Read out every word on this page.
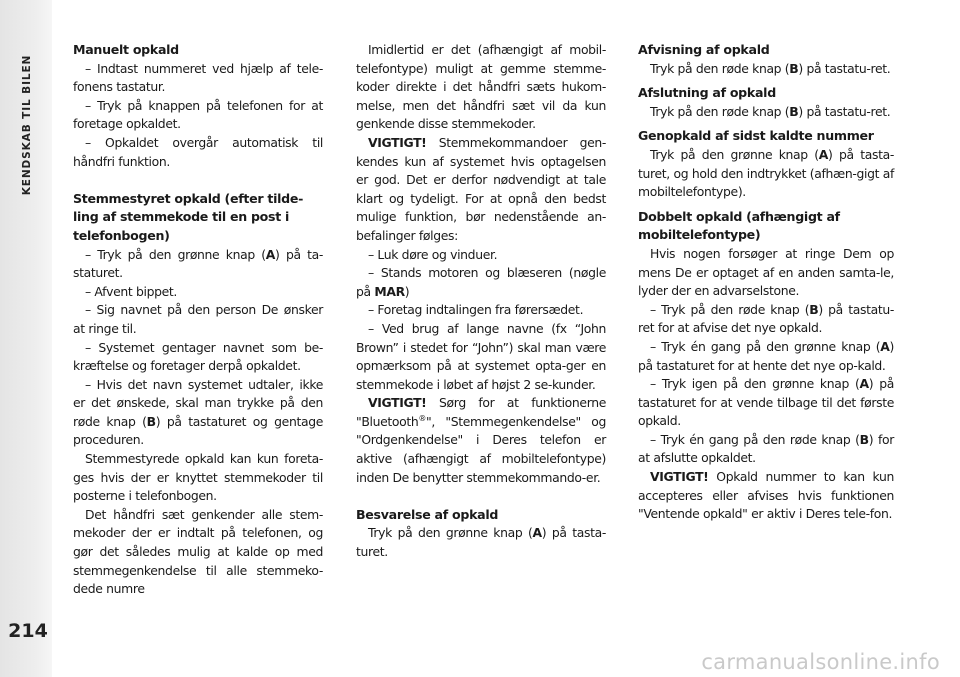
KENDSKAB TIL BILEN
214
Manuelt opkald

– Indtast nummeret ved hjælp af tele-fonens tastatur.

– Tryk på knappen på telefonen for at foretage opkaldet.

– Opkaldet overgår automatisk til håndfri funktion.

Stemmestyret opkald (efter tilde-ling af stemmekode til en post i telefonbogen)

– Tryk på den grønne knap (A) på ta-staturet.

– Afvent bippet.

– Sig navnet på den person De ønsker at ringe til.

– Systemet gentager navnet som be-kræftelse og foretager derpå opkaldet.

– Hvis det navn systemet udtaler, ikke er det ønskede, skal man trykke på den røde knap (B) på tastaturet og gentage proceduren.

Stemmestyrede opkald kan kun foreta-ges hvis der er knyttet stemmekoder til posterne i telefonbogen.

Det håndfri sæt genkender alle stem-mekoder der er indtalt på telefonen, og gør det således mulig at kalde op med stemmegenkendelse til alle stemmeko-dede numre

Imidlertid er det (afhængigt af mobil-telefontype) muligt at gemme stemme-koder direkte i det håndfri sæts hukom-melse, men det håndfri sæt vil da kun genkende disse stemmekoder.

VIGTIGT! Stemmekommandoer gen-kendes kun af systemet hvis optagelsen er god. Det er derfor nødvendigt at tale klart og tydeligt. For at opnå den bedst mulige funktion, bør nedenstående an-befalinger følges:

– Luk døre og vinduer.

– Stands motoren og blæseren (nøgle på MAR)

– Foretag indtalingen fra førersædet.

– Ved brug af lange navne (fx “John Brown” i stedet for “John”) skal man være opmærksom på at systemet opta-ger en stemmekode i løbet af højst 2 se-kunder.

VIGTIGT! Sørg for at funktionerne "Bluetooth®", "Stemmegenkendelse" og "Ordgenkendelse" i Deres telefon er aktive (afhængigt af mobiltelefontype) inden De benytter stemmekommando-er.

Besvarelse af opkald

Tryk på den grønne knap (A) på tasta-turet.

Afvisning af opkald

Tryk på den røde knap (B) på tastatu-ret.

Afslutning af opkald

Tryk på den røde knap (B) på tastatu-ret.

Genopkald af sidst kaldte nummer

Tryk på den grønne knap (A) på tasta-turet, og hold den indtrykket (afhæn-gigt af mobiltelefontype).

Dobbelt opkald (afhængigt af mobiltelefontype)

Hvis nogen forsøger at ringe Dem op mens De er optaget af en anden samta-le, lyder der en advarselstone.

– Tryk på den røde knap (B) på tastatu-ret for at afvise det nye opkald.

– Tryk én gang på den grønne knap (A) på tastaturet for at hente det nye op-kald.

– Tryk igen på den grønne knap (A) på tastaturet for at vende tilbage til det første opkald.

– Tryk én gang på den røde knap (B) for at afslutte opkaldet.

VIGTIGT! Opkald nummer to kan kun accepteres eller afvises hvis funktionen "Ventende opkald" er aktiv i Deres tele-fon.

carmanualsonline.info
